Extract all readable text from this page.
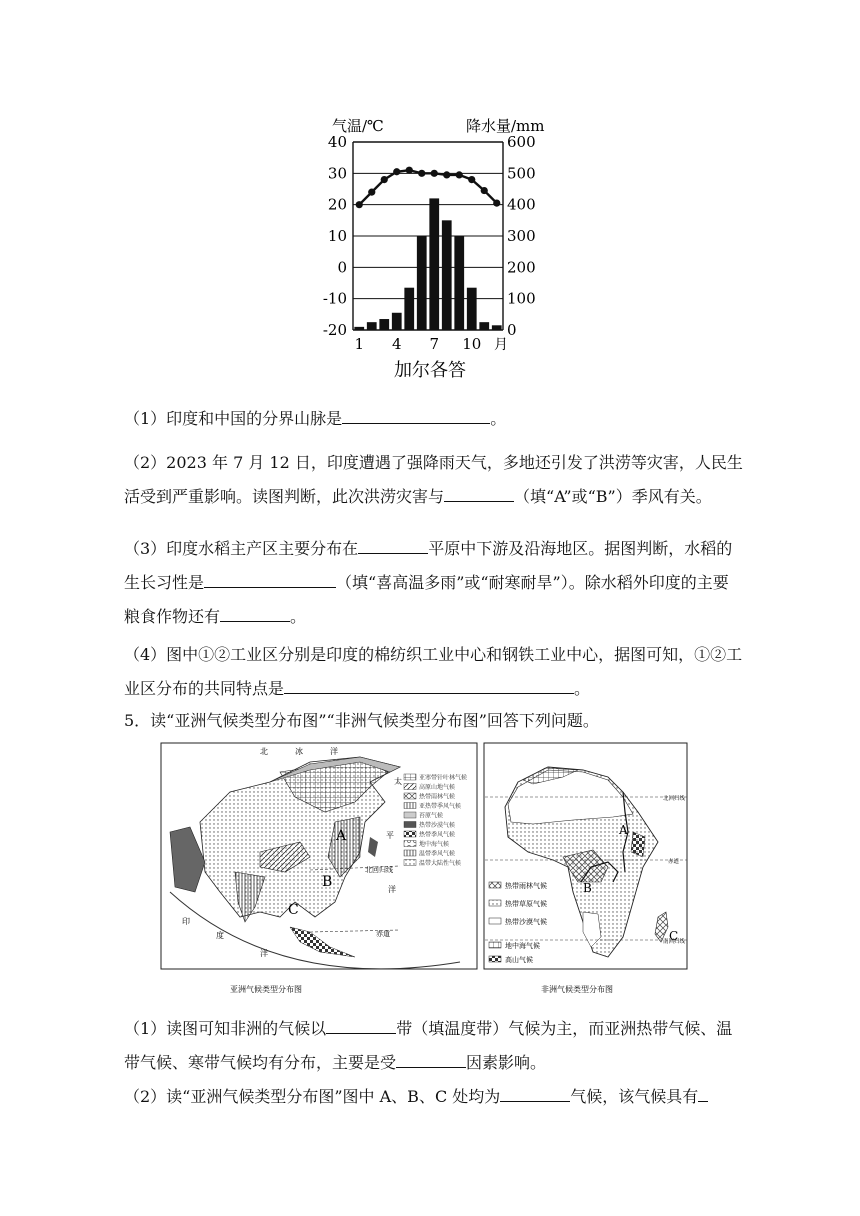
气温/℃	降水量/mm
40	600
30	500
20	400
10	300
0	200
-10	100
-20	0
1 4 7 10 月
加尔各答

（1）印度和中国的分界山脉是	。

（2）2023 年 7 月 12 日，印度遭遇了强降雨天气，多地还引发了洪涝等灾害，人民生活受到严重影响。读图判断，此次洪涝灾害与	（填“A”或“B”）季风有关。

（3）印度水稻主产区主要分布在	平原中下游及沿海地区。据图判断，水稻的生长习性是	（填“喜高温多雨”或“耐寒耐旱”）。除水稻外印度的主要粮食作物还有	。

（4）图中①②工业区分别是印度的棉纺织工业中心和钢铁工业中心，据图可知，①②工业区分布的共同特点是	。

5．读“亚洲气候类型分布图”“非洲气候类型分布图”回答下列问题。

北回归线
赤道
北	冰	洋
太
平
洋
印
度
洋
A
B
C
亚寒带针叶林气候
高原山地气候
热带雨林气候
亚热带季风气候
苔原气候
热带沙漠气候
热带季风气候
地中海气候
温带季风气候
温带大陆性气候
亚洲气候类型分布图
北回归线
赤道
南回归线
A
B
C
热带雨林气候
热带草原气候
热带沙漠气候
地中海气候
高山气候
非洲气候类型分布图

（1）读图可知非洲的气候以	带（填温度带）气候为主，而亚洲热带气候、温带气候、寒带气候均有分布，主要是受	因素影响。

（2）读“亚洲气候类型分布图”图中 A、B、C 处均为	气候，该气候具有
